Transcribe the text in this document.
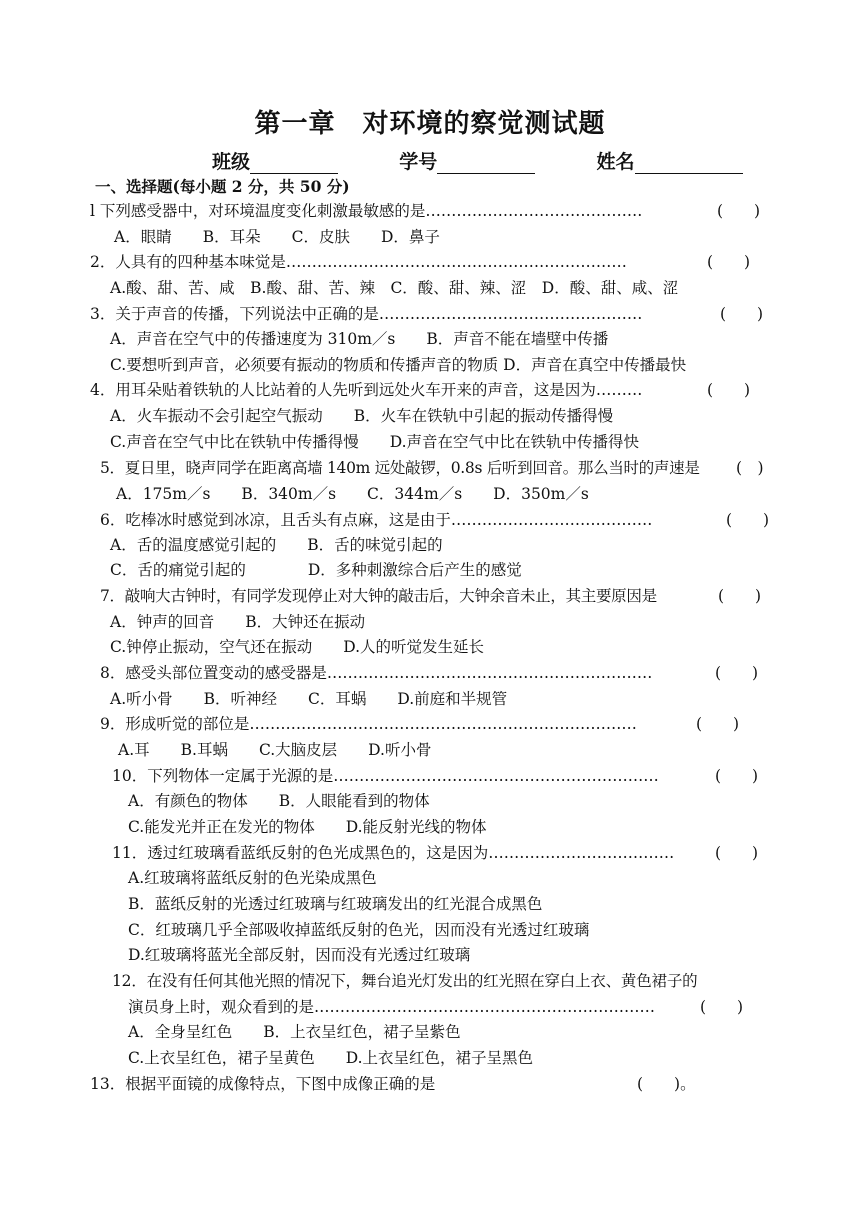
第一章　对环境的察觉测试题
班级	学号	姓名
一、选择题(每小题 2 分，共 50 分)
l 下列感受器中，对环境温度变化刺激最敏感的是……………………………………	(　　)
A．眼睛　　B．耳朵　　C．皮肤　　D．鼻子
2．人具有的四种基本味觉是…………………………………………………………	(　　)
A.酸、甜、苦、咸　B.酸、甜、苦、辣　C．酸、甜、辣、涩　D．酸、甜、咸、涩
3．关于声音的传播，下列说法中正确的是……………………………………………	(　　)
A．声音在空气中的传播速度为 310m／s　　B．声音不能在墙壁中传播
C.要想听到声音，必须要有振动的物质和传播声音的物质 D．声音在真空中传播最快
4．用耳朵贴着铁轨的人比站着的人先听到远处火车开来的声音，这是因为………	(　　)
A．火车振动不会引起空气振动　　B．火车在铁轨中引起的振动传播得慢
C.声音在空气中比在铁轨中传播得慢　　D.声音在空气中比在铁轨中传播得快
5．夏日里，晓声同学在距离高墙 140m 远处敲锣，0.8s 后听到回音。那么当时的声速是 (　)
A．175m／s　　B．340m／s　　C．344m／s　　D．350m／s
6．吃棒冰时感觉到冰凉，且舌头有点麻，这是由于…………………………………	(　　)
A．舌的温度感觉引起的　　B．舌的味觉引起的
C．舌的痛觉引起的　　　　D．多种刺激综合后产生的感觉
7．敲响大古钟时，有同学发现停止对大钟的敲击后，大钟余音未止，其主要原因是	(　　)
A．钟声的回音　　B．大钟还在振动
C.钟停止振动，空气还在振动　　D.人的听觉发生延长
8．感受头部位置变动的感受器是………………………………………………………	(　　)
A.听小骨　　B．听神经　　C．耳蜗　　D.前庭和半规管
9．形成听觉的部位是…………………………………………………………………	(　　)
A.耳　　B.耳蜗　　C.大脑皮层　　D.听小骨
10．下列物体一定属于光源的是………………………………………………………	(　　)
A．有颜色的物体　　B．人眼能看到的物体
C.能发光并正在发光的物体　　D.能反射光线的物体
11．透过红玻璃看蓝纸反射的色光成黑色的，这是因为………………………………	(　　)
A.红玻璃将蓝纸反射的色光染成黑色
B．蓝纸反射的光透过红玻璃与红玻璃发出的红光混合成黑色
C．红玻璃几乎全部吸收掉蓝纸反射的色光，因而没有光透过红玻璃
D.红玻璃将蓝光全部反射，因而没有光透过红玻璃
12．在没有任何其他光照的情况下，舞台追光灯发出的红光照在穿白上衣、黄色裙子的
演员身上时，观众看到的是…………………………………………………………	(　　)
A．全身呈红色　　B．上衣呈红色，裙子呈紫色
C.上衣呈红色，裙子呈黄色　　D.上衣呈红色，裙子呈黑色
13．根据平面镜的成像特点，下图中成像正确的是	(　　)。
